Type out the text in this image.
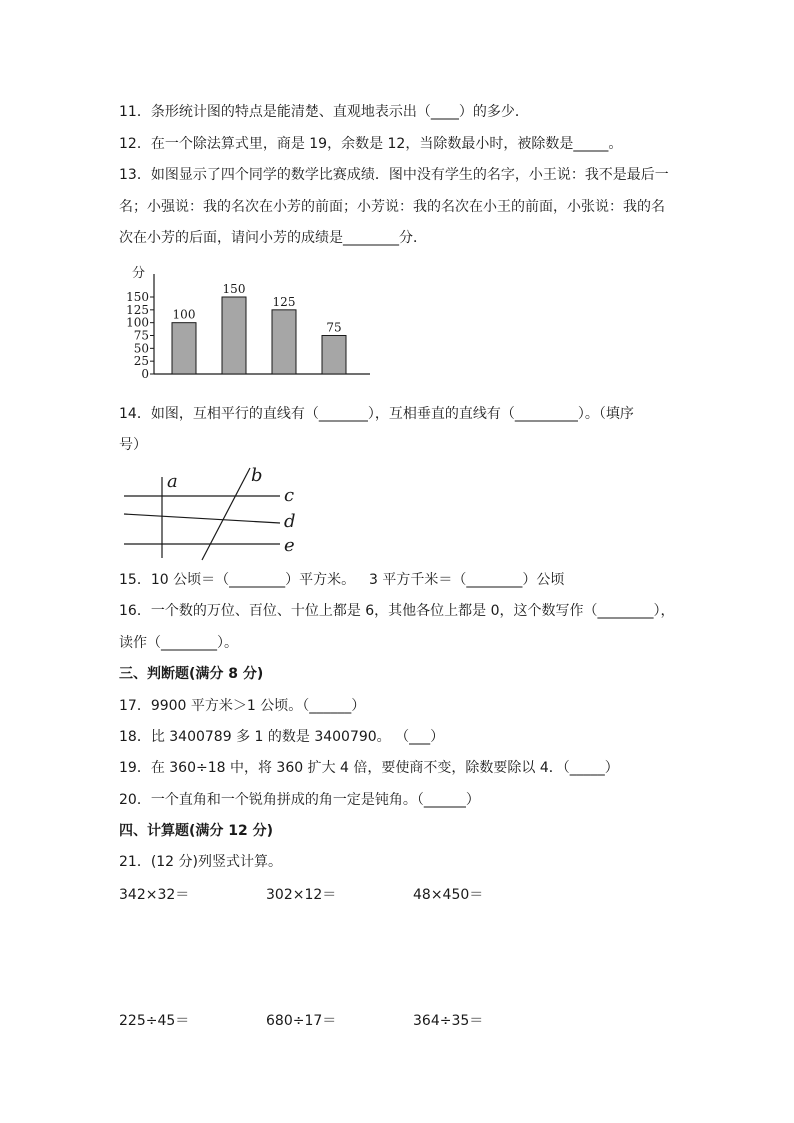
11．条形统计图的特点是能清楚、直观地表示出（____）的多少．
12．在一个除法算式里，商是 19，余数是 12，当除数最小时，被除数是_____。
13．如图显示了四个同学的数学比赛成绩．图中没有学生的名字，小王说：我不是最后一
名；小强说：我的名次在小芳的前面；小芳说：我的名次在小王的前面，小张说：我的名
次在小芳的后面，请问小芳的成绩是________分．
分
0
25
50
75
100
125
150
100
150
125
75
14．如图，互相平行的直线有（_______），互相垂直的直线有（_________）。（填序
号）
a	b
c
d
e
15．10 公顷＝（________）平方米。 3 平方千米＝（________）公顷
16．一个数的万位、百位、十位上都是 6，其他各位上都是 0，这个数写作（________），
读作（________）。
三、判断题(满分 8 分)
17．9900 平方米＞1 公顷。（______）
18．比 3400789 多 1 的数是 3400790。 （___）
19．在 360÷18 中，将 360 扩大 4 倍，要使商不变，除数要除以 4．（_____）
20．一个直角和一个锐角拼成的角一定是钝角。（______）
四、计算题(满分 12 分)
21．(12 分)列竖式计算。
342×32＝	302×12＝	48×450＝
225÷45＝	680÷17＝	364÷35＝
